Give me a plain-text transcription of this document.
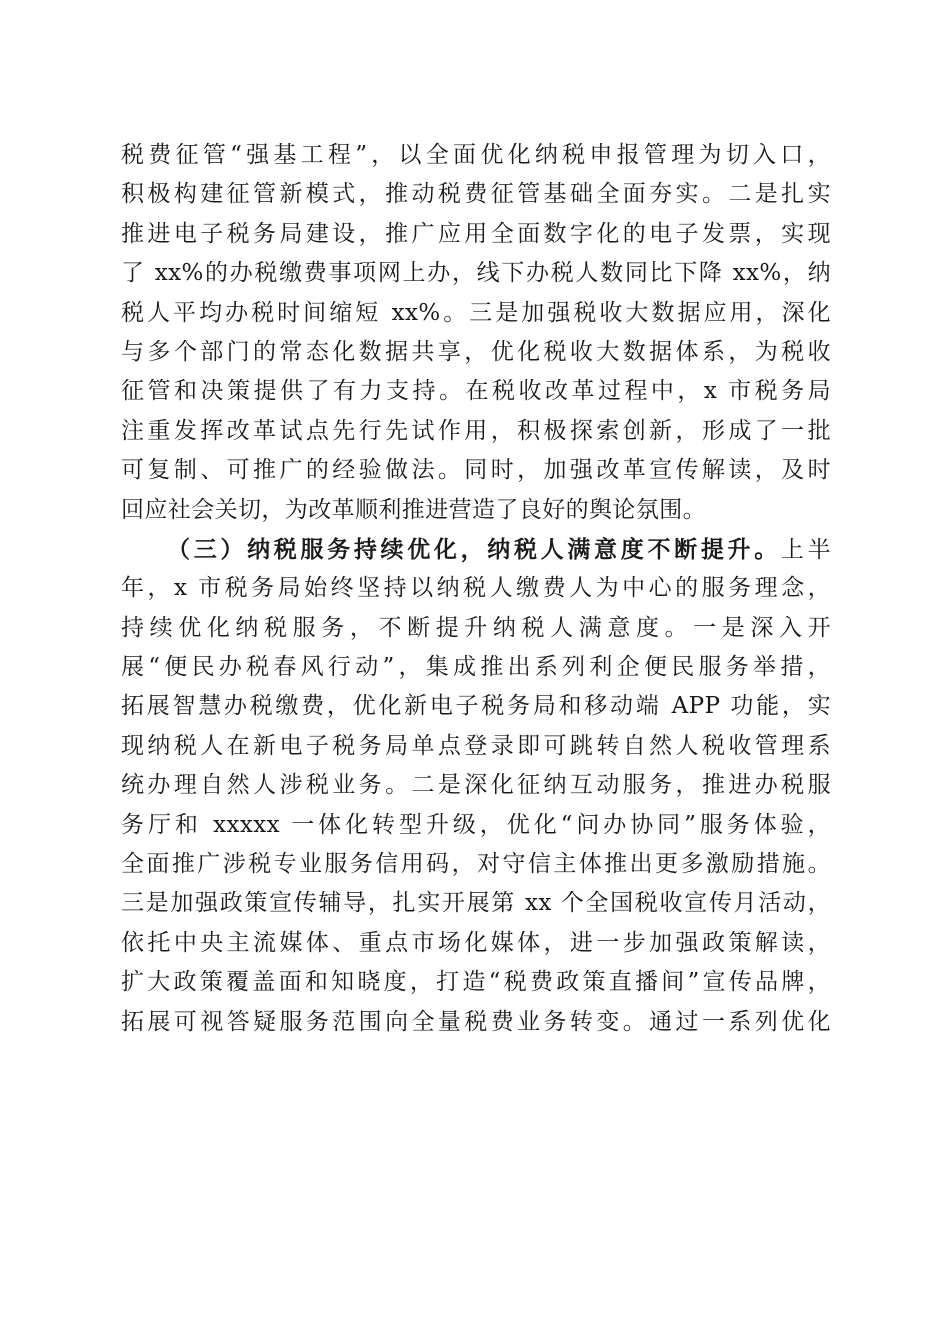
税费征管“强基工程”，以全面优化纳税申报管理为切入口，
积极构建征管新模式，推动税费征管基础全面夯实。二是扎实
推进电子税务局建设，推广应用全面数字化的电子发票，实现
了 xx%的办税缴费事项网上办，线下办税人数同比下降 xx%，纳
税人平均办税时间缩短 xx%。三是加强税收大数据应用，深化
与多个部门的常态化数据共享，优化税收大数据体系，为税收
征管和决策提供了有力支持。在税收改革过程中，x 市税务局
注重发挥改革试点先行先试作用，积极探索创新，形成了一批
可复制、可推广的经验做法。同时，加强改革宣传解读，及时
回应社会关切，为改革顺利推进营造了良好的舆论氛围。
（三）纳税服务持续优化，纳税人满意度不断提升。上半
年，x 市税务局始终坚持以纳税人缴费人为中心的服务理念，
持续优化纳税服务，不断提升纳税人满意度。一是深入开
展“便民办税春风行动”，集成推出系列利企便民服务举措，
拓展智慧办税缴费，优化新电子税务局和移动端 APP 功能，实
现纳税人在新电子税务局单点登录即可跳转自然人税收管理系
统办理自然人涉税业务。二是深化征纳互动服务，推进办税服
务厅和 xxxxx 一体化转型升级，优化“问办协同”服务体验，
全面推广涉税专业服务信用码，对守信主体推出更多激励措施。
三是加强政策宣传辅导，扎实开展第 xx 个全国税收宣传月活动，
依托中央主流媒体、重点市场化媒体，进一步加强政策解读，
扩大政策覆盖面和知晓度，打造“税费政策直播间”宣传品牌，
拓展可视答疑服务范围向全量税费业务转变。通过一系列优化
